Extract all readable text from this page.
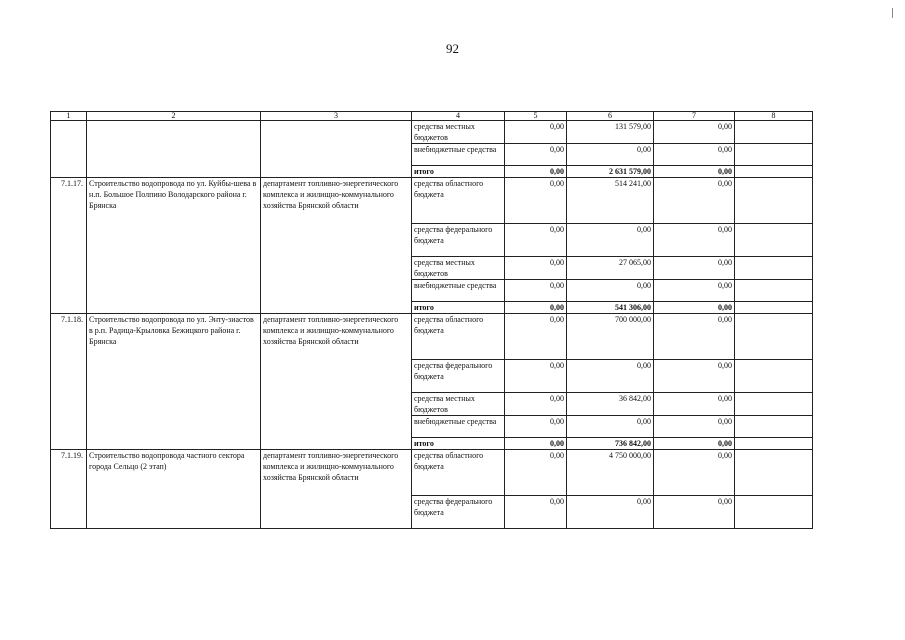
92
1	2	3	4	5	6	7	8
			средства местных бюджетов	0,00	131 579,00	0,00	
			внебюджетные средства	0,00	0,00	0,00	
			итого	0,00	2 631 579,00	0,00	
7.1.17.	Строительство водопровода по ул. Куйбы-шева в н.п. Большое Полпино Володарского района г. Брянска	департамент топливно-энергетического комплекса и жилищно-коммунального хозяйства Брянской области	средства областного бюджета	0,00	514 241,00	0,00	
			средства федерального бюджета	0,00	0,00	0,00	
			средства местных бюджетов	0,00	27 065,00	0,00	
			внебюджетные средства	0,00	0,00	0,00	
			итого	0,00	541 306,00	0,00	
7.1.18.	Строительство водопровода по ул. Энту-зиастов в р.п. Радица-Крыловка Бежицкого района г. Брянска	департамент топливно-энергетического комплекса и жилищно-коммунального хозяйства Брянской области	средства областного бюджета	0,00	700 000,00	0,00	
			средства федерального бюджета	0,00	0,00	0,00	
			средства местных бюджетов	0,00	36 842,00	0,00	
			внебюджетные средства	0,00	0,00	0,00	
			итого	0,00	736 842,00	0,00	
7.1.19.	Строительство водопровода частного сектора города Сельцо (2 этап)	департамент топливно-энергетического комплекса и жилищно-коммунального хозяйства Брянской области	средства областного бюджета	0,00	4 750 000,00	0,00	
			средства федерального бюджета	0,00	0,00	0,00	
